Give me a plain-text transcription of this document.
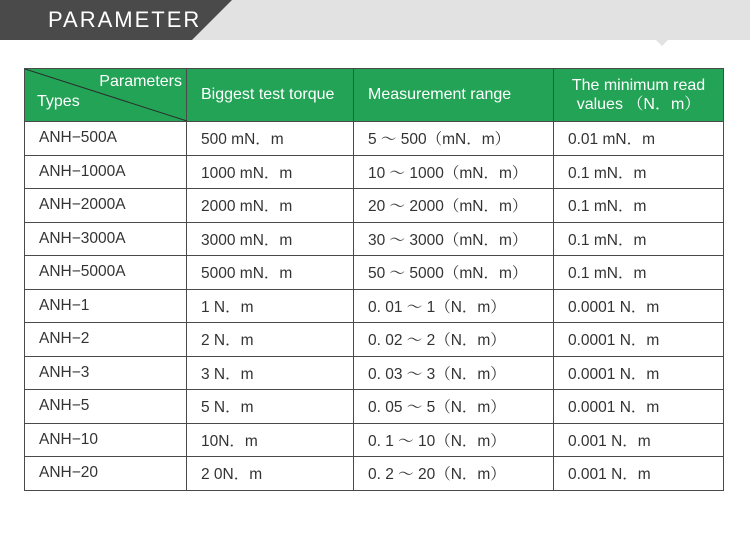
PARAMETER
Parameters
Types	Biggest test torque	Measurement range	The minimum read values （N．m）
ANH−500A	500 mN．m	5 ～ 500（mN．m）	0.01 mN．m
ANH−1000A	1000 mN．m	10 ～ 1000（mN．m）	0.1 mN．m
ANH−2000A	2000 mN．m	20 ～ 2000（mN．m）	0.1 mN．m
ANH−3000A	3000 mN．m	30 ～ 3000（mN．m）	0.1 mN．m
ANH−5000A	5000 mN．m	50 ～ 5000（mN．m）	0.1 mN．m
ANH−1	1 N．m	0. 01 ～ 1（N．m）	0.0001 N．m
ANH−2	2 N．m	0. 02 ～ 2（N．m）	0.0001 N．m
ANH−3	3 N．m	0. 03 ～ 3（N．m）	0.0001 N．m
ANH−5	5 N．m	0. 05 ～ 5（N．m）	0.0001 N．m
ANH−10	10N．m	0. 1 ～ 10（N．m）	0.001 N．m
ANH−20	2 0N．m	0. 2 ～ 20（N．m）	0.001 N．m
